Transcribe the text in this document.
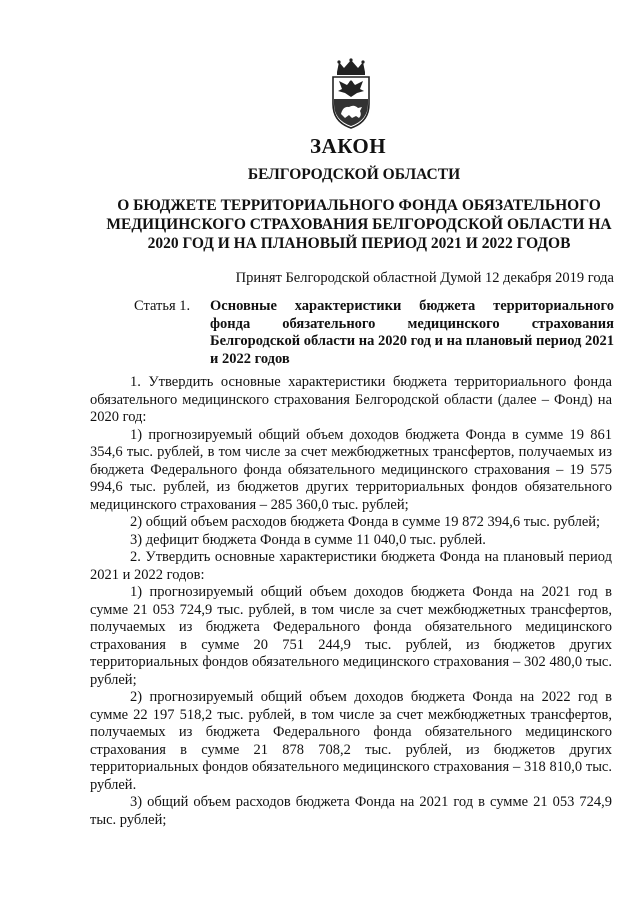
ЗАКОН
БЕЛГОРОДСКОЙ ОБЛАСТИ
О БЮДЖЕТЕ ТЕРРИТОРИАЛЬНОГО ФОНДА ОБЯЗАТЕЛЬНОГО МЕДИЦИНСКОГО СТРАХОВАНИЯ БЕЛГОРОДСКОЙ ОБЛАСТИ НА 2020 ГОД И НА ПЛАНОВЫЙ ПЕРИОД 2021 И 2022 ГОДОВ
Принят Белгородской областной Думой 12 декабря 2019 года
Статья 1. Основные характеристики бюджета территориального фонда обязательного медицинского страхования Белгородской области на 2020 год и на плановый период 2021 и 2022 годов

1. Утвердить основные характеристики бюджета территориального фонда обязательного медицинского страхования Белгородской области (далее – Фонд) на 2020 год:

1) прогнозируемый общий объем доходов бюджета Фонда в сумме 19 861 354,6 тыс. рублей, в том числе за счет межбюджетных трансфертов, получаемых из бюджета Федерального фонда обязательного медицинского страхования – 19 575 994,6 тыс. рублей, из бюджетов других территориальных фондов обязательного медицинского страхования – 285 360,0 тыс. рублей;

2) общий объем расходов бюджета Фонда в сумме 19 872 394,6 тыс. рублей;

3) дефицит бюджета Фонда в сумме 11 040,0 тыс. рублей.

2. Утвердить основные характеристики бюджета Фонда на плановый период 2021 и 2022 годов:

1) прогнозируемый общий объем доходов бюджета Фонда на 2021 год в сумме 21 053 724,9 тыс. рублей, в том числе за счет межбюджетных трансфертов, получаемых из бюджета Федерального фонда обязательного медицинского страхования в сумме 20 751 244,9 тыс. рублей, из бюджетов других территориальных фондов обязательного медицинского страхования – 302 480,0 тыс. рублей;

2) прогнозируемый общий объем доходов бюджета Фонда на 2022 год в сумме 22 197 518,2 тыс. рублей, в том числе за счет межбюджетных трансфертов, получаемых из бюджета Федерального фонда обязательного медицинского страхования в сумме 21 878 708,2 тыс. рублей, из бюджетов других территориальных фондов обязательного медицинского страхования – 318 810,0 тыс. рублей.

3) общий объем расходов бюджета Фонда на 2021 год в сумме 21 053 724,9 тыс. рублей;
